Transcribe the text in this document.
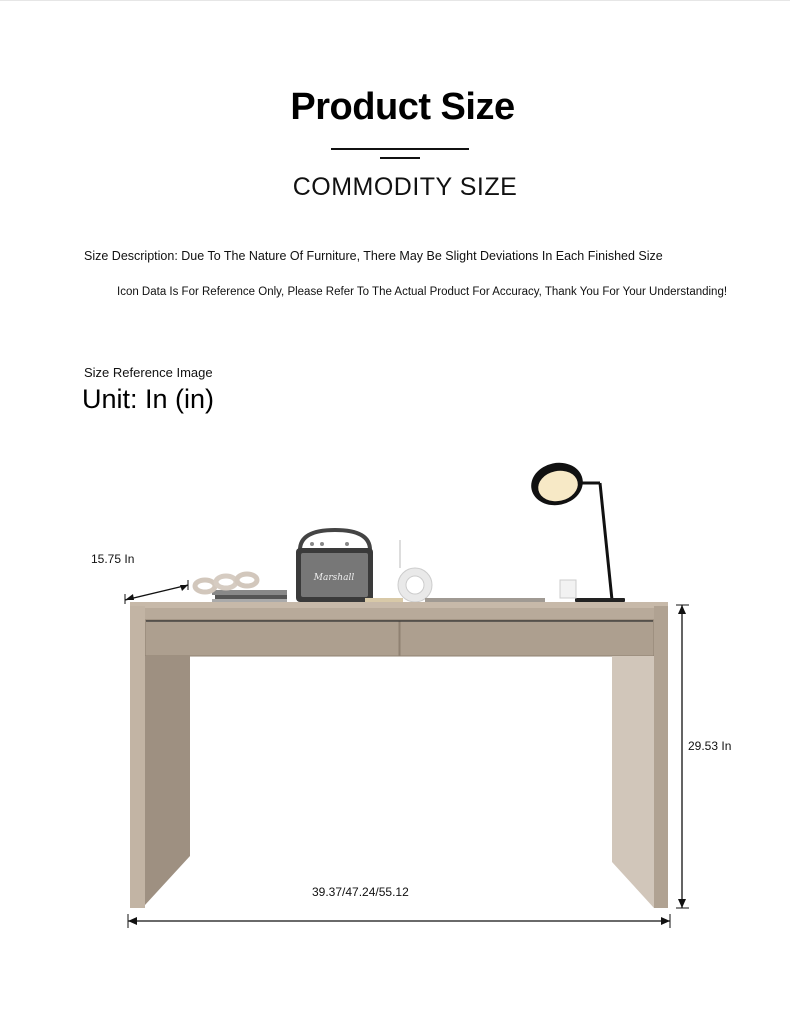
Product Size
COMMODITY SIZE
Size Description: Due To The Nature Of Furniture, There May Be Slight Deviations In Each Finished Size
Icon Data Is For Reference Only, Please Refer To The Actual Product For Accuracy, Thank You For Your Understanding!
Size Reference Image
Unit: In (in)
Marshall
15.75 In
29.53 In
39.37/47.24/55.12
